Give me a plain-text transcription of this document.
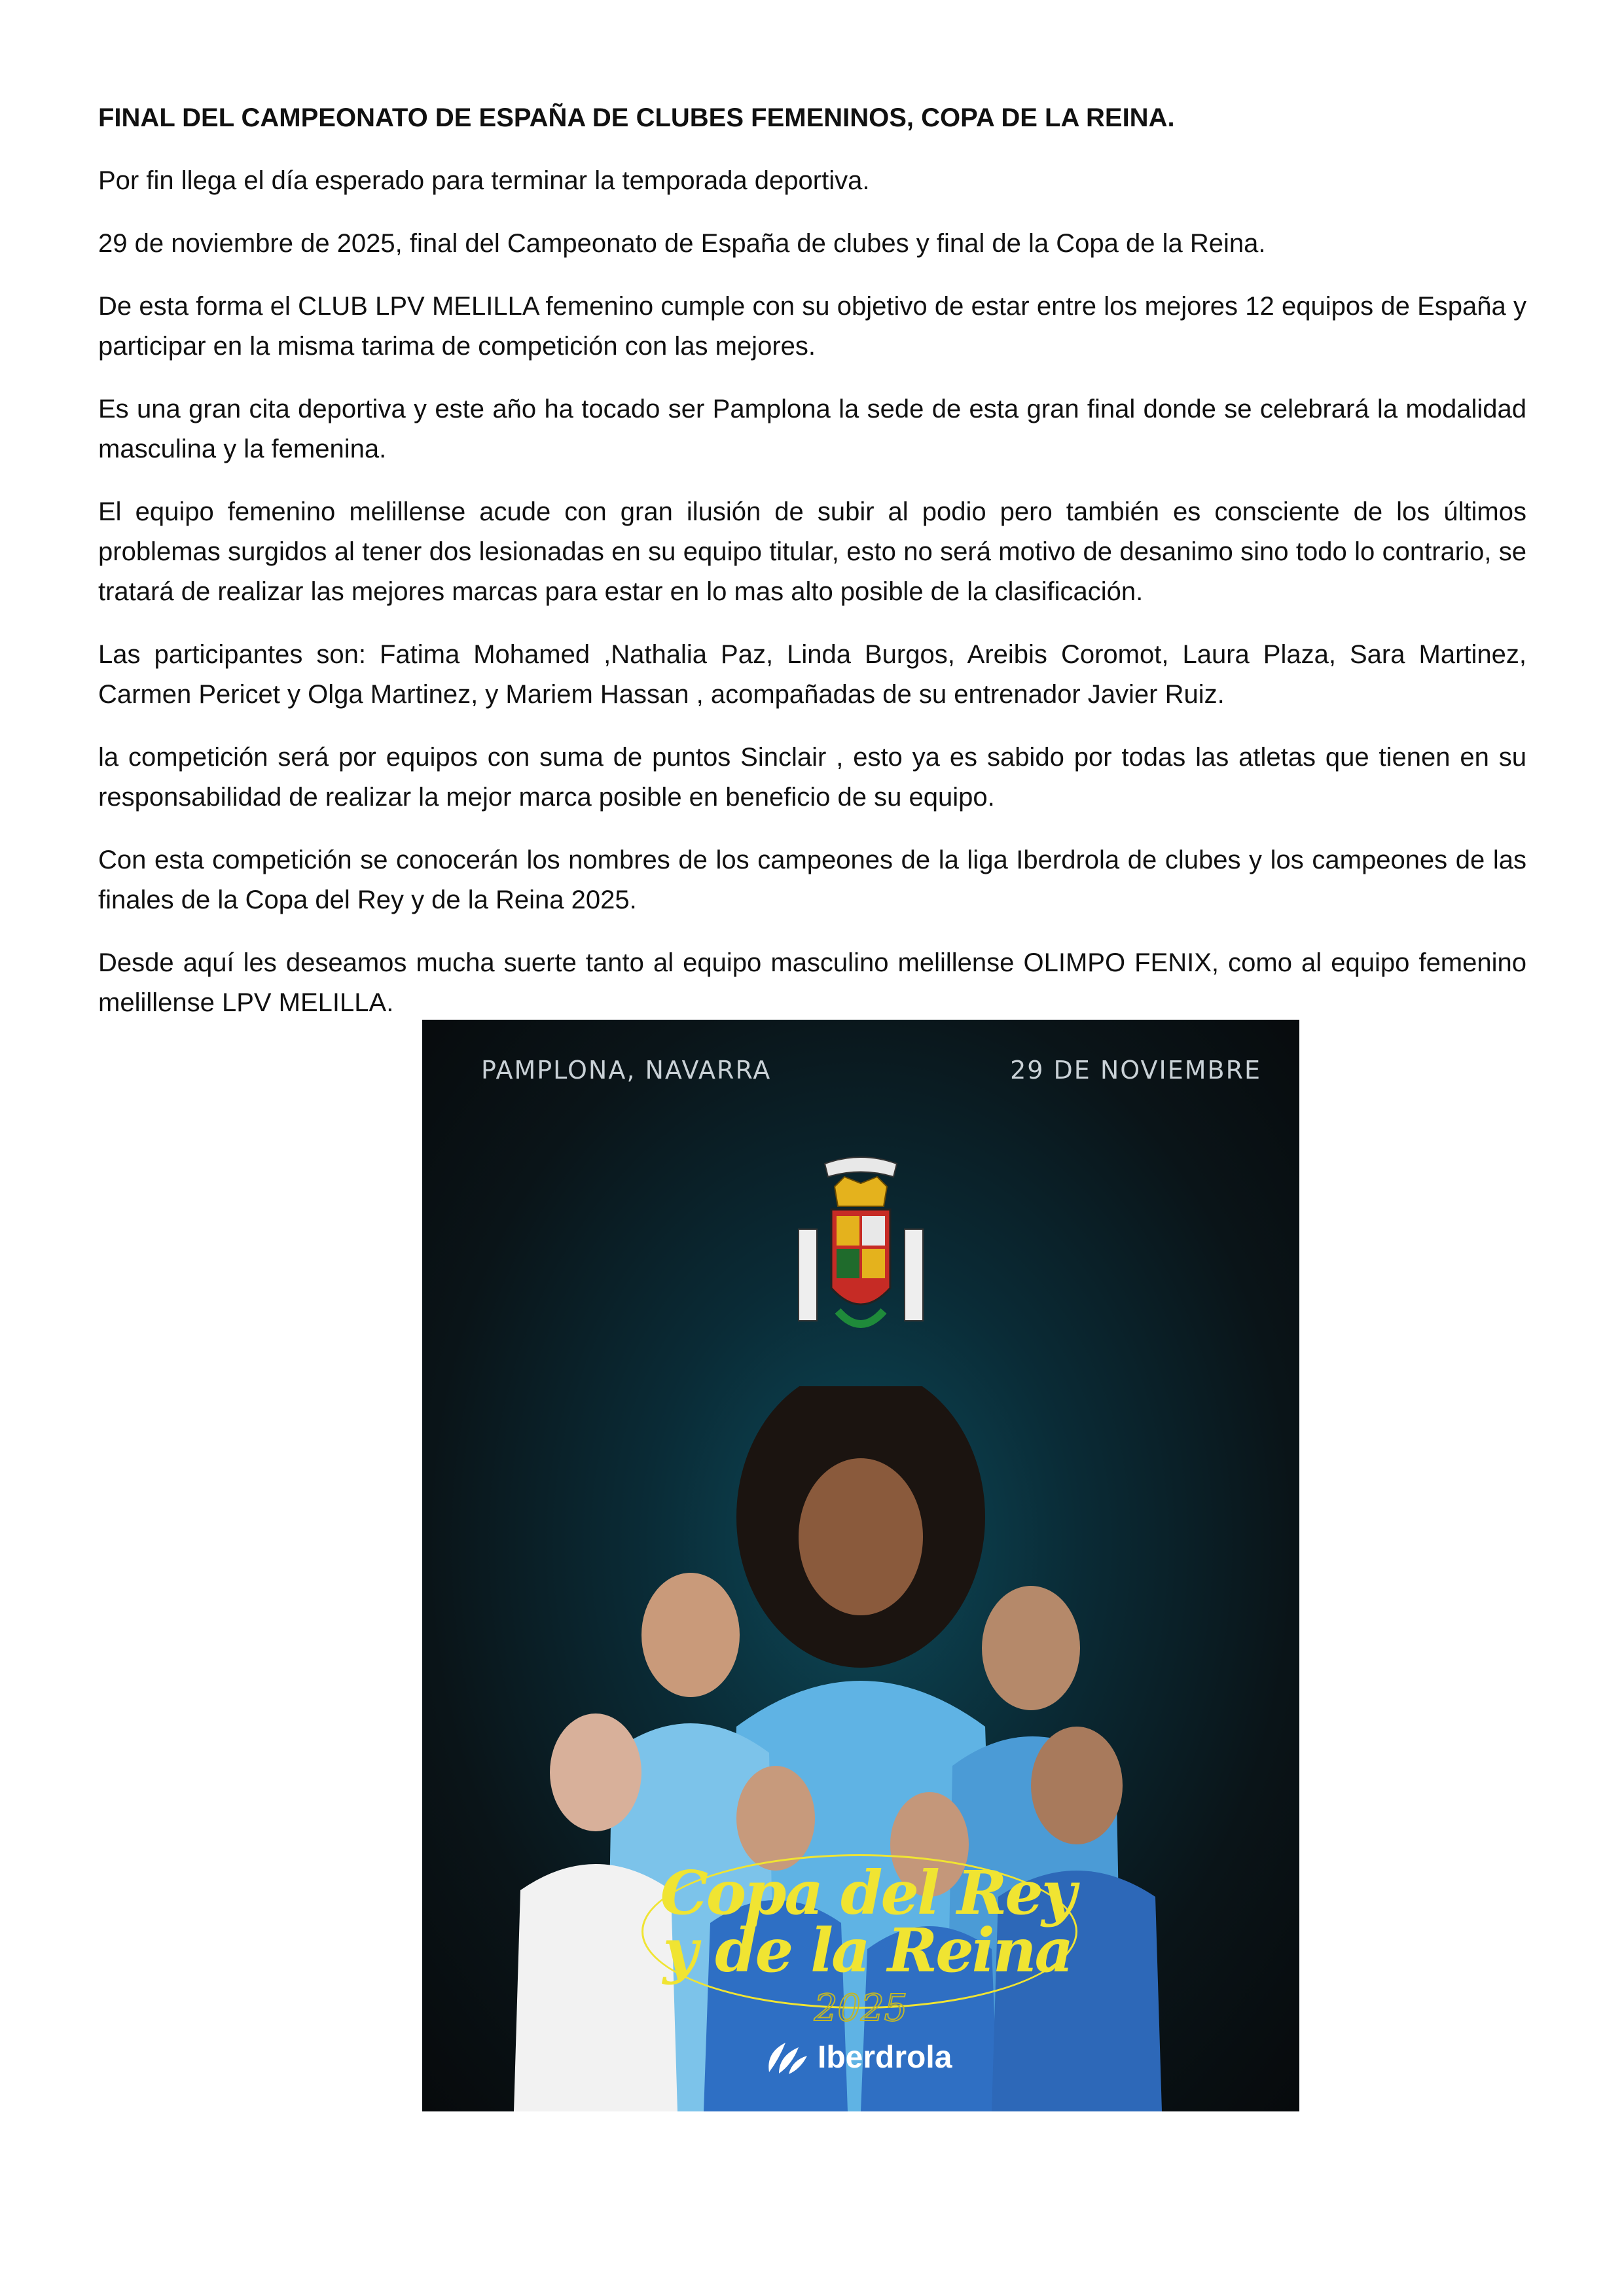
FINAL DEL CAMPEONATO DE ESPAÑA DE CLUBES FEMENINOS, COPA DE LA REINA.

Por fin llega el día esperado para terminar la temporada deportiva.

29 de noviembre de 2025, final del Campeonato de España de clubes y final de la Copa de la Reina.

De esta forma el CLUB LPV MELILLA femenino cumple con su objetivo de estar entre los mejores 12 equipos de España y participar en la misma tarima de competición con las mejores.

Es una gran cita deportiva y este año ha tocado ser Pamplona la sede de esta gran final donde se celebrará la modalidad masculina y la femenina.

El equipo femenino melillense acude con gran ilusión de subir al podio pero también es consciente de los últimos problemas surgidos al tener dos lesionadas en su equipo titular, esto no será motivo de desanimo sino todo lo contrario, se tratará de realizar las mejores marcas para estar en lo mas alto posible de la clasificación.

Las participantes son: Fatima Mohamed ,Nathalia Paz, Linda Burgos, Areibis Coromot, Laura Plaza, Sara Martinez, Carmen Pericet y Olga Martinez, y Mariem Hassan , acompañadas de su entrenador Javier Ruiz.

la competición será por equipos con suma de puntos Sinclair , esto ya es sabido por todas las atletas que tienen en su responsabilidad de realizar la mejor marca posible en beneficio de su equipo.

Con esta competición se conocerán los nombres de los campeones de la liga Iberdrola de clubes y los campeones de las finales de la Copa del Rey y de la Reina 2025.

Desde aquí les deseamos mucha suerte tanto al equipo masculino melillense OLIMPO FENIX, como al equipo femenino melillense LPV MELILLA.

PAMPLONA, NAVARRA	29 DE NOVIEMBRE
Copa del Rey
y de la Reina
2025
Iberdrola
